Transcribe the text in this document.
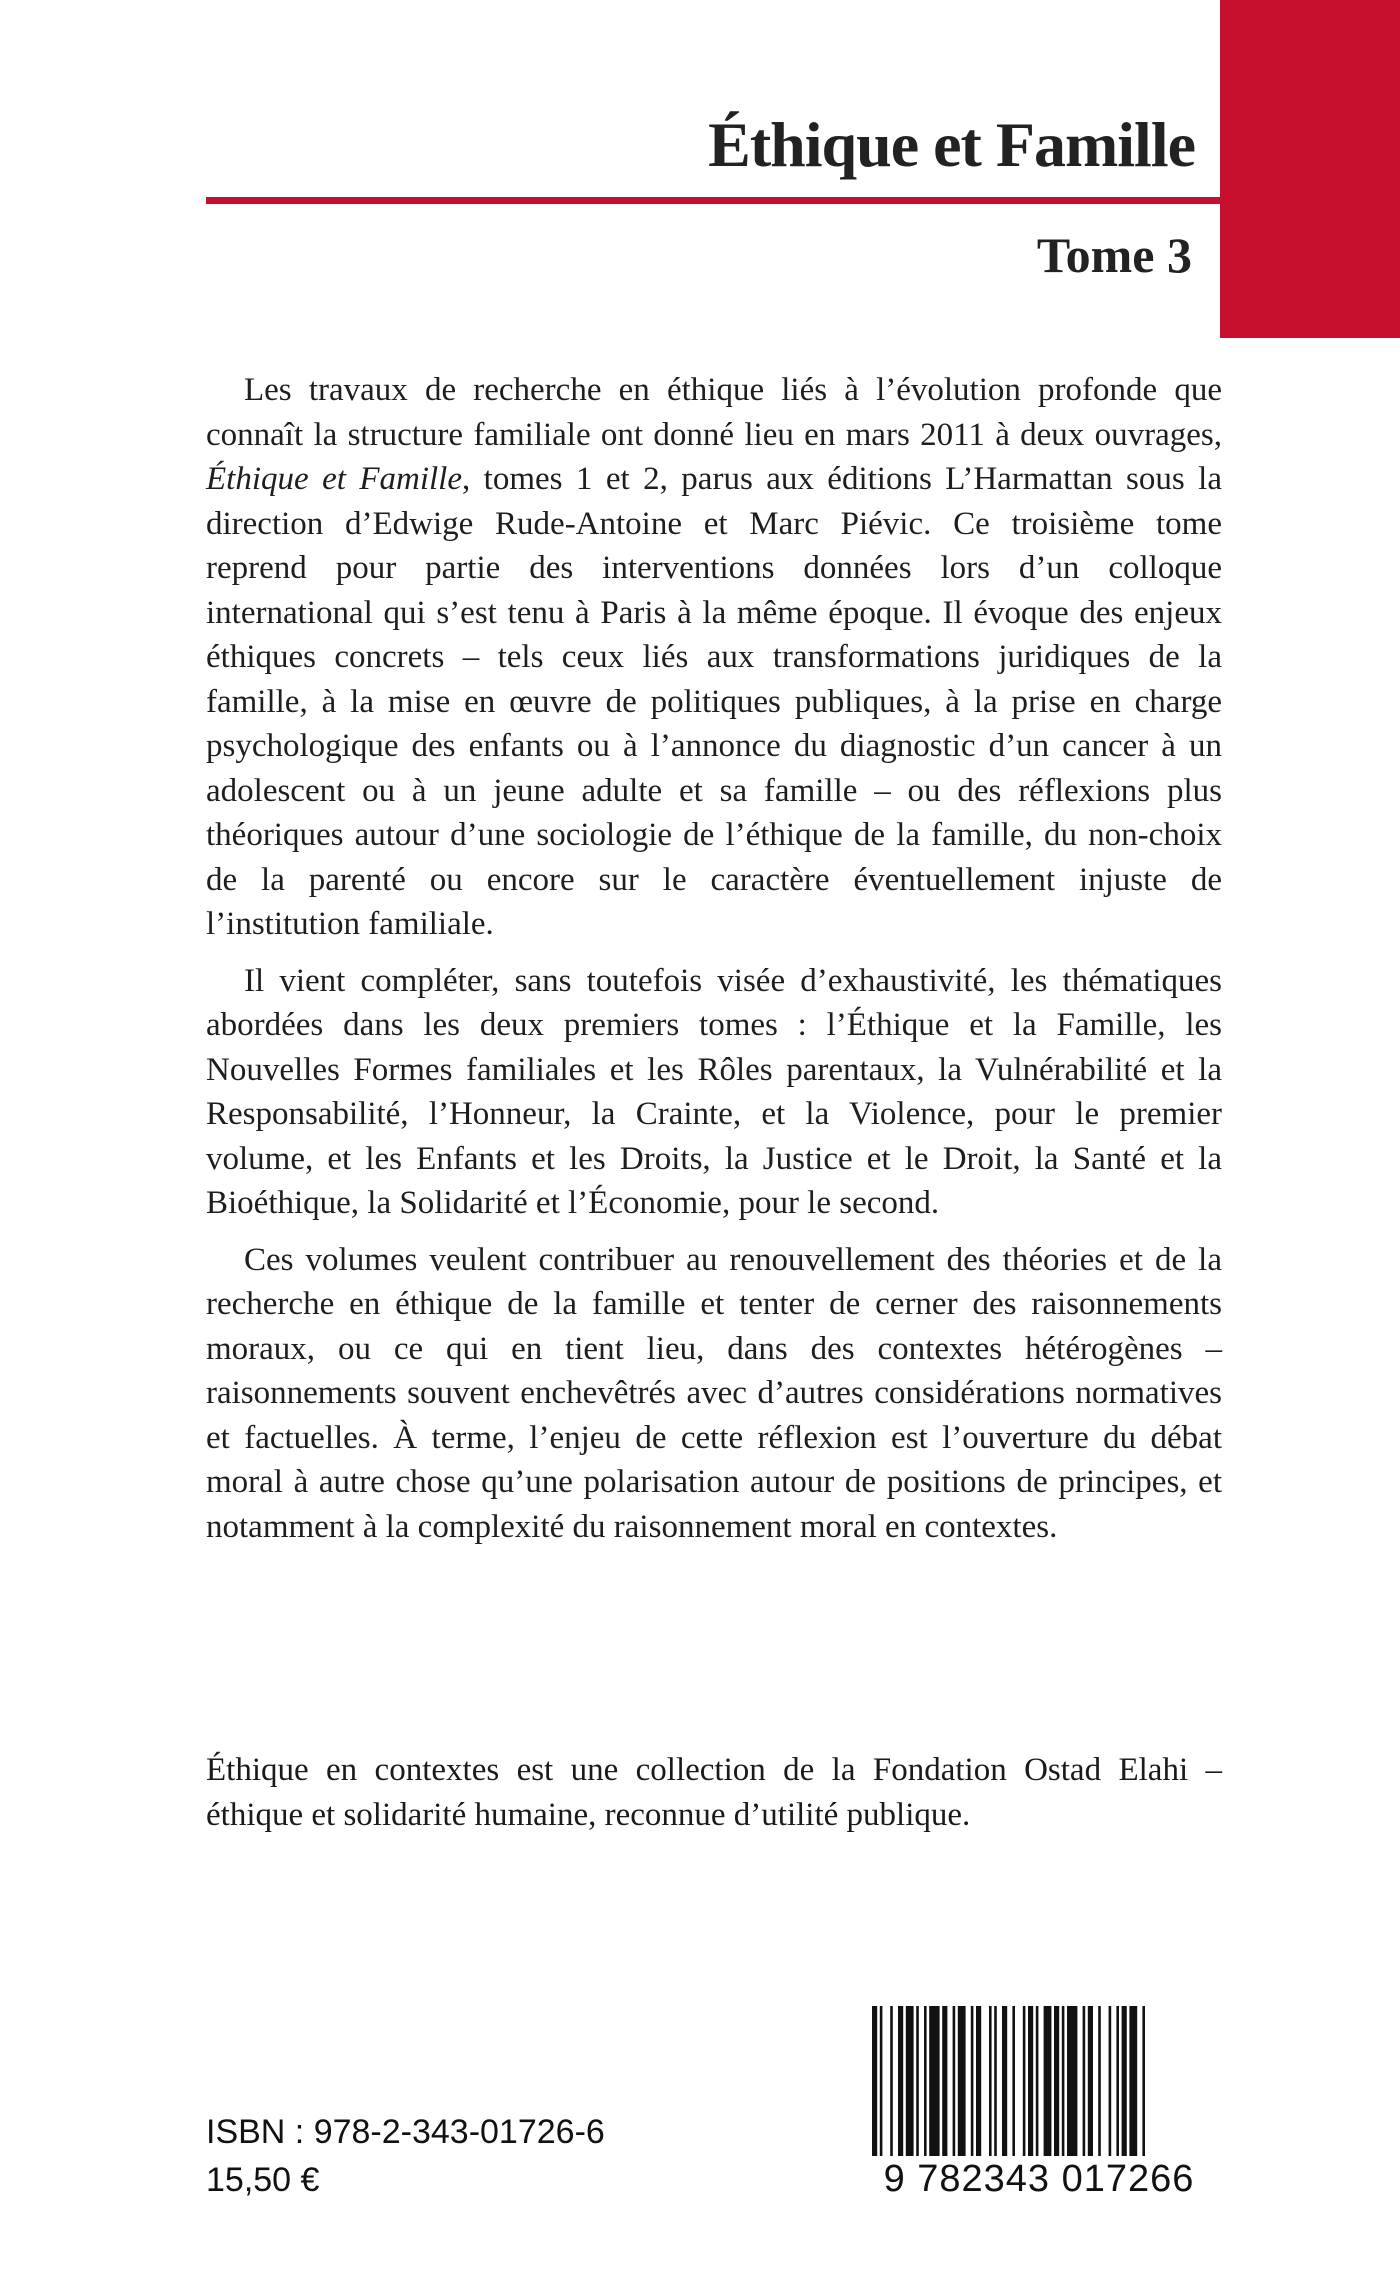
Éthique et Famille
Tome 3

Les travaux de recherche en éthique liés à l’évolution profonde que connaît la structure familiale ont donné lieu en mars 2011 à deux ouvrages, Éthique et Famille, tomes 1 et 2, parus aux éditions L’Harmattan sous la direction d’Edwige Rude-Antoine et Marc Piévic. Ce troisième tome reprend pour partie des interventions données lors d’un colloque international qui s’est tenu à Paris à la même époque. Il évoque des enjeux éthiques concrets – tels ceux liés aux transformations juridiques de la famille, à la mise en œuvre de politiques publiques, à la prise en charge psychologique des enfants ou à l’annonce du diagnostic d’un cancer à un adolescent ou à un jeune adulte et sa famille – ou des réflexions plus théoriques autour d’une sociologie de l’éthique de la famille, du non-choix de la parenté ou encore sur le caractère éventuellement injuste de l’institution familiale.

Il vient compléter, sans toutefois visée d’exhaustivité, les thématiques abordées dans les deux premiers tomes : l’Éthique et la Famille, les Nouvelles Formes familiales et les Rôles parentaux, la Vulnérabilité et la Responsabilité, l’Honneur, la Crainte, et la Violence, pour le premier volume, et les Enfants et les Droits, la Justice et le Droit, la Santé et la Bioéthique, la Solidarité et l’Économie, pour le second.

Ces volumes veulent contribuer au renouvellement des théories et de la recherche en éthique de la famille et tenter de cerner des raisonnements moraux, ou ce qui en tient lieu, dans des contextes hétérogènes – raisonnements souvent enchevêtrés avec d’autres considérations normatives et factuelles. À terme, l’enjeu de cette réflexion est l’ouverture du débat moral à autre chose qu’une polarisation autour de positions de principes, et notamment à la complexité du raisonnement moral en contextes.

Éthique en contextes est une collection de la Fondation Ostad Elahi – éthique et solidarité humaine, reconnue d’utilité publique.

ISBN : 978-2-343-01726-6
15,50 €	9 782343 017266
